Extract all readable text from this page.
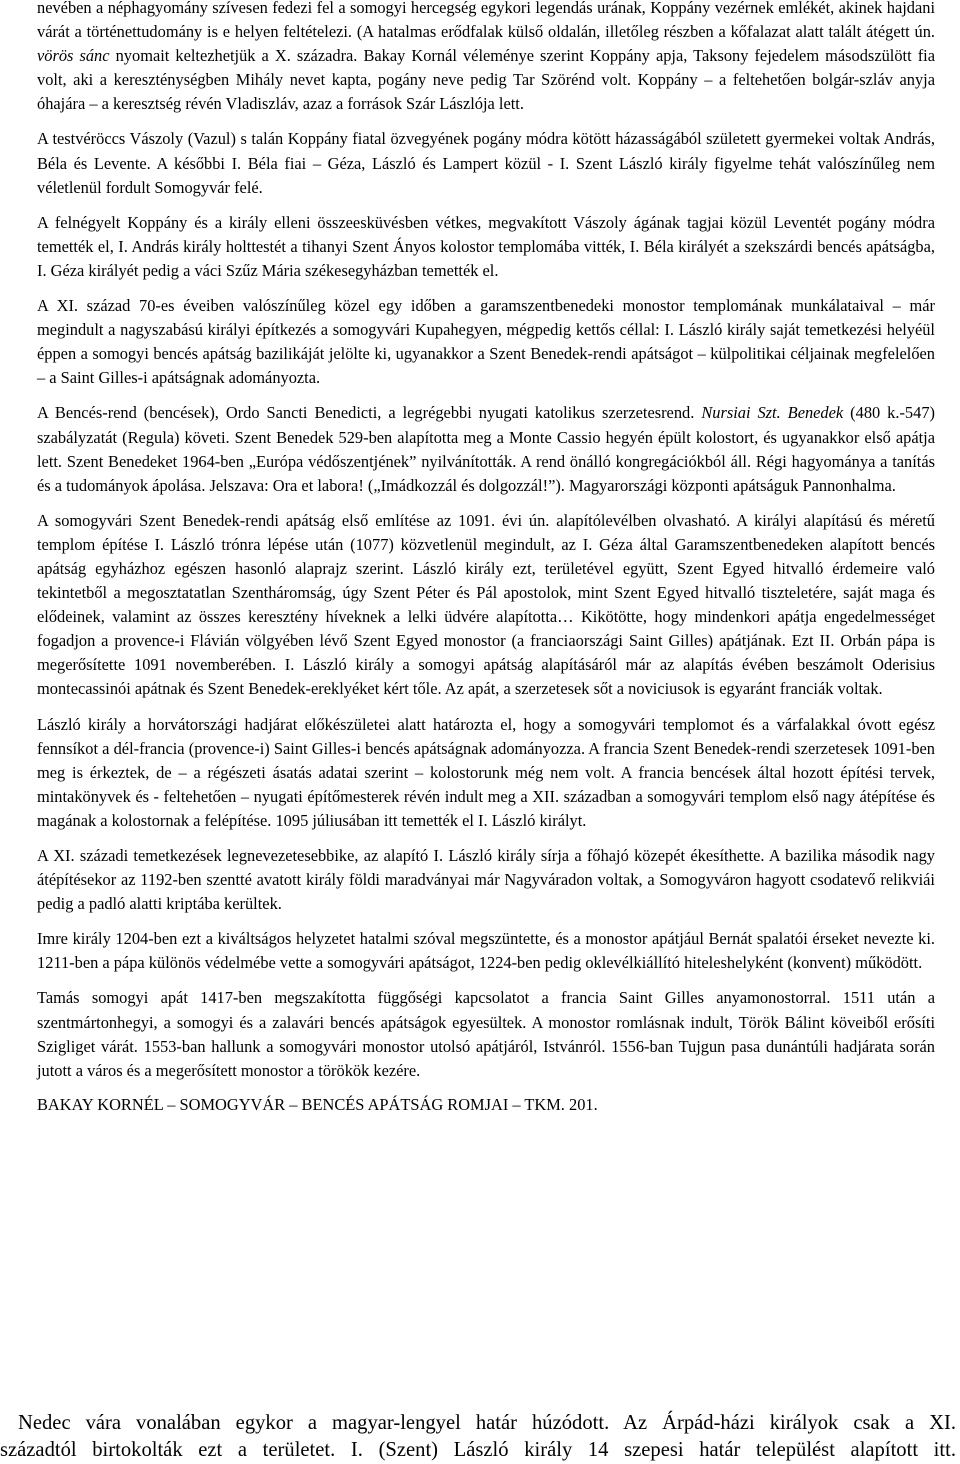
nevében a néphagyomány szívesen fedezi fel a somogyi hercegség egykori legendás urának, Koppány vezérnek emlékét, akinek hajdani várát a történettudomány is e helyen feltételezi. (A hatalmas erődfalak külső oldalán, illetőleg részben a kőfalazat alatt talált átégett ún. vörös sánc nyomait keltezhetjük a X. századra. Bakay Kornál véleménye szerint Koppány apja, Taksony fejedelem másodszülött fia volt, aki a kereszténységben Mihály nevet kapta, pogány neve pedig Tar Szörénd volt. Koppány – a feltehetően bolgár-szláv anyja óhajára – a keresztség révén Vladiszláv, azaz a források Szár Lászlója lett.

A testvéröccs Vászoly (Vazul) s talán Koppány fiatal özvegyének pogány módra kötött házasságából született gyermekei voltak András, Béla és Levente. A későbbi I. Béla fiai – Géza, László és Lampert közül - I. Szent László király figyelme tehát valószínűleg nem véletlenül fordult Somogyvár felé.

A felnégyelt Koppány és a király elleni összeesküvésben vétkes, megvakított Vászoly ágának tagjai közül Leventét pogány módra temették el, I. András király holttestét a tihanyi Szent Ányos kolostor templomába vitték, I. Béla királyét a szekszárdi bencés apátságba, I. Géza királyét pedig a váci Szűz Mária székesegyházban temették el.

A XI. század 70-es éveiben valószínűleg közel egy időben a garamszentbenedeki monostor templomának munkálataival – már megindult a nagyszabású királyi építkezés a somogyvári Kupahegyen, mégpedig kettős céllal: I. László király saját temetkezési helyéül éppen a somogyi bencés apátság bazilikáját jelölte ki, ugyanakkor a Szent Benedek-rendi apátságot – külpolitikai céljainak megfelelően – a Saint Gilles-i apátságnak adományozta.

A Bencés-rend (bencések), Ordo Sancti Benedicti, a legrégebbi nyugati katolikus szerzetesrend. Nursiai Szt. Benedek (480 k.-547) szabályzatát (Regula) követi. Szent Benedek 529-ben alapította meg a Monte Cassio hegyén épült kolostort, és ugyanakkor első apátja lett. Szent Benedeket 1964-ben „Európa védőszentjének” nyilvánították. A rend önálló kongregációkból áll. Régi hagyománya a tanítás és a tudományok ápolása. Jelszava: Ora et labora! („Imádkozzál és dolgozzál!”). Magyarországi központi apátságuk Pannonhalma.

A somogyvári Szent Benedek-rendi apátság első említése az 1091. évi ún. alapítólevélben olvasható. A királyi alapítású és méretű templom építése I. László trónra lépése után (1077) közvetlenül megindult, az I. Géza által Garamszentbenedeken alapított bencés apátság egyházhoz egészen hasonló alaprajz szerint. László király ezt, területével együtt, Szent Egyed hitvalló érdemeire való tekintetből a megosztatatlan Szentháromság, úgy Szent Péter és Pál apostolok, mint Szent Egyed hitvalló tiszteletére, saját maga és elődeinek, valamint az összes keresztény híveknek a lelki üdvére alapította… Kikötötte, hogy mindenkori apátja engedelmességet fogadjon a provence-i Flávián völgyében lévő Szent Egyed monostor (a franciaországi Saint Gilles) apátjának. Ezt II. Orbán pápa is megerősítette 1091 novemberében. I. László király a somogyi apátság alapításáról már az alapítás évében beszámolt Oderisius montecassinói apátnak és Szent Benedek-ereklyéket kért tőle. Az apát, a szerzetesek sőt a noviciusok is egyaránt franciák voltak.

László király a horvátországi hadjárat előkészületei alatt határozta el, hogy a somogyvári templomot és a várfalakkal óvott egész fennsíkot a dél-francia (provence-i) Saint Gilles-i bencés apátságnak adományozza. A francia Szent Benedek-rendi szerzetesek 1091-ben meg is érkeztek, de – a régészeti ásatás adatai szerint – kolostorunk még nem volt. A francia bencések által hozott építési tervek, mintakönyvek és - feltehetően – nyugati építőmesterek révén indult meg a XII. században a somogyvári templom első nagy átépítése és magának a kolostornak a felépítése. 1095 júliusában itt temették el I. László királyt.

A XI. századi temetkezések legnevezetesebbike, az alapító I. László király sírja a főhajó közepét ékesíthette. A bazilika második nagy átépítésekor az 1192-ben szentté avatott király földi maradványai már Nagyváradon voltak, a Somogyváron hagyott csodatevő relikviái pedig a padló alatti kriptába kerültek.

Imre király 1204-ben ezt a kiváltságos helyzetet hatalmi szóval megszüntette, és a monostor apátjául Bernát spalatói érseket nevezte ki. 1211-ben a pápa különös védelmébe vette a somogyvári apátságot, 1224-ben pedig oklevélkiállító hiteleshelyként (konvent) működött.

Tamás somogyi apát 1417-ben megszakította függőségi kapcsolatot a francia Saint Gilles anyamonostorral. 1511 után a szentmártonhegyi, a somogyi és a zalavári bencés apátságok egyesültek. A monostor romlásnak indult, Török Bálint köveiből erősíti Szigliget várát. 1553-ban hallunk a somogyvári monostor utolsó apátjáról, Istvánról. 1556-ban Tujgun pasa dunántúli hadjárata során jutott a város és a megerősített monostor a törökök kezére.

BAKAY KORNÉL – SOMOGYVÁR – BENCÉS APÁTSÁG ROMJAI – TKM. 201.

Nedec vára vonalában egykor a magyar-lengyel határ húzódott. Az Árpád-házi királyok csak a XI.
századtól birtokolták ezt a területet. I. (Szent) László király 14 szepesi határ települést alapított itt.
